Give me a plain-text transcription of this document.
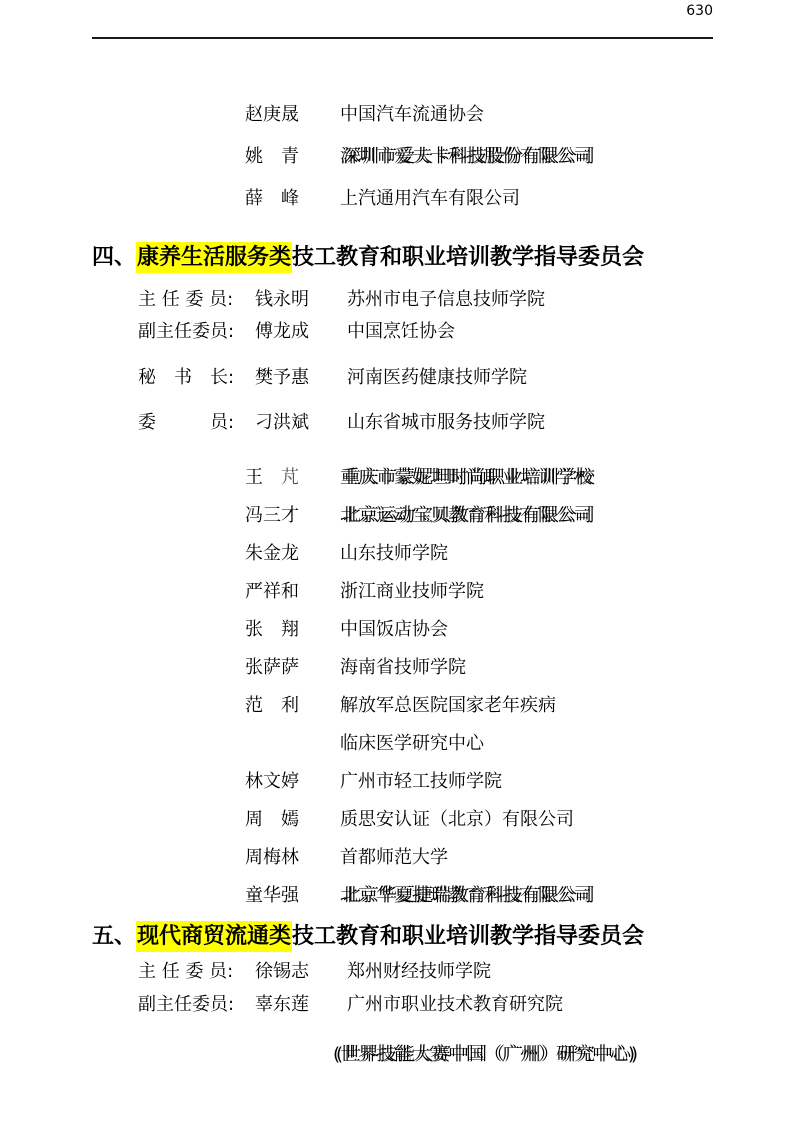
630
赵庚晟	中国汽车流通协会
姚　青	深圳市爱夫卡科技股份有限公司
薛　峰	上汽通用汽车有限公司
四、康养生活服务类技工教育和职业培训教学指导委员会
主 任 委 员:	钱永明	苏州市电子信息技师学院
副主任委员:	傅龙成	中国烹饪协会
秘　书　长:	樊予惠	河南医药健康技师学院
委　　　员:	刁洪斌	山东省城市服务技师学院
王　芃	重庆市蒙妮坦时尚职业培训学校
冯三才	北京运动宝贝教育科技有限公司
朱金龙	山东技师学院
严祥和	浙江商业技师学院
张　翔	中国饭店协会
张萨萨	海南省技师学院
范　利	解放军总医院国家老年疾病
临床医学研究中心
林文婷	广州市轻工技师学院
周　嫣	质思安认证（北京）有限公司
周梅林	首都师范大学
童华强	北京华夏捷瑞教育科技有限公司
五、现代商贸流通类技工教育和职业培训教学指导委员会
主 任 委 员:	徐锡志	郑州财经技师学院
副主任委员:	辜东莲	广州市职业技术教育研究院
(世界技能大赛中国（广州）研究中心)
